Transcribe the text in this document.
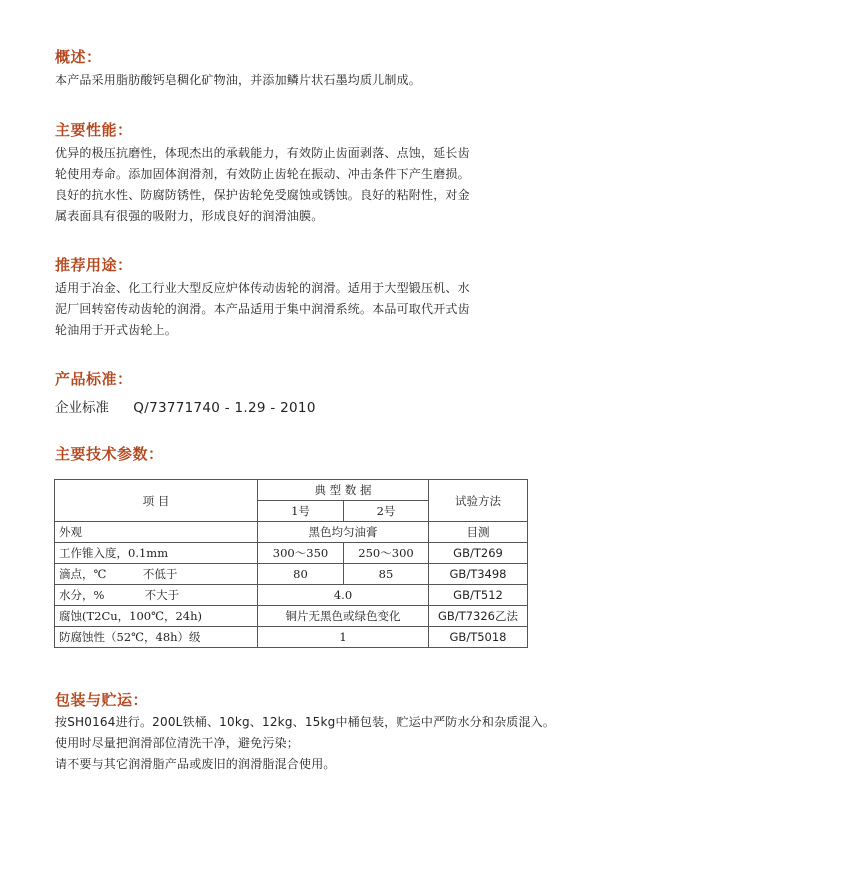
概述：

本产品采用脂肪酸钙皂稠化矿物油，并添加鳞片状石墨均质儿制成。

主要性能：

优异的极压抗磨性，体现杰出的承载能力，有效防止齿面剥落、点蚀，延长齿

轮使用寿命。添加固体润滑剂，有效防止齿轮在振动、冲击条件下产生磨损。

良好的抗水性、防腐防锈性，保护齿轮免受腐蚀或锈蚀。良好的粘附性，对金

属表面具有很强的吸附力，形成良好的润滑油膜。

推荐用途：

适用于冶金、化工行业大型反应炉体传动齿轮的润滑。适用于大型锻压机、水

泥厂回转窑传动齿轮的润滑。本产品适用于集中润滑系统。本品可取代开式齿

轮油用于开式齿轮上。

产品标准：
企业标准 Q/73771740 - 1.29 - 2010
主要技术参数：
项 目	典 型 数 据		试验方法
	1号	2号	
外观	黑色均匀油膏		目测
工作锥入度，0.1mm	300～350	250～300	GB/T269
滴点，℃          不低于	80	85	GB/T3498
水分，%           不大于	4.0		GB/T512
腐蚀(T2Cu，100℃，24h)	铜片无黑色或绿色变化		GB/T7326乙法
防腐蚀性（52℃，48h）级	1		GB/T5018
包装与贮运：

按SH0164进行。200L铁桶、10kg、12kg、15kg中桶包装，贮运中严防水分和杂质混入。

使用时尽量把润滑部位清洗干净，避免污染；

请不要与其它润滑脂产品或废旧的润滑脂混合使用。
